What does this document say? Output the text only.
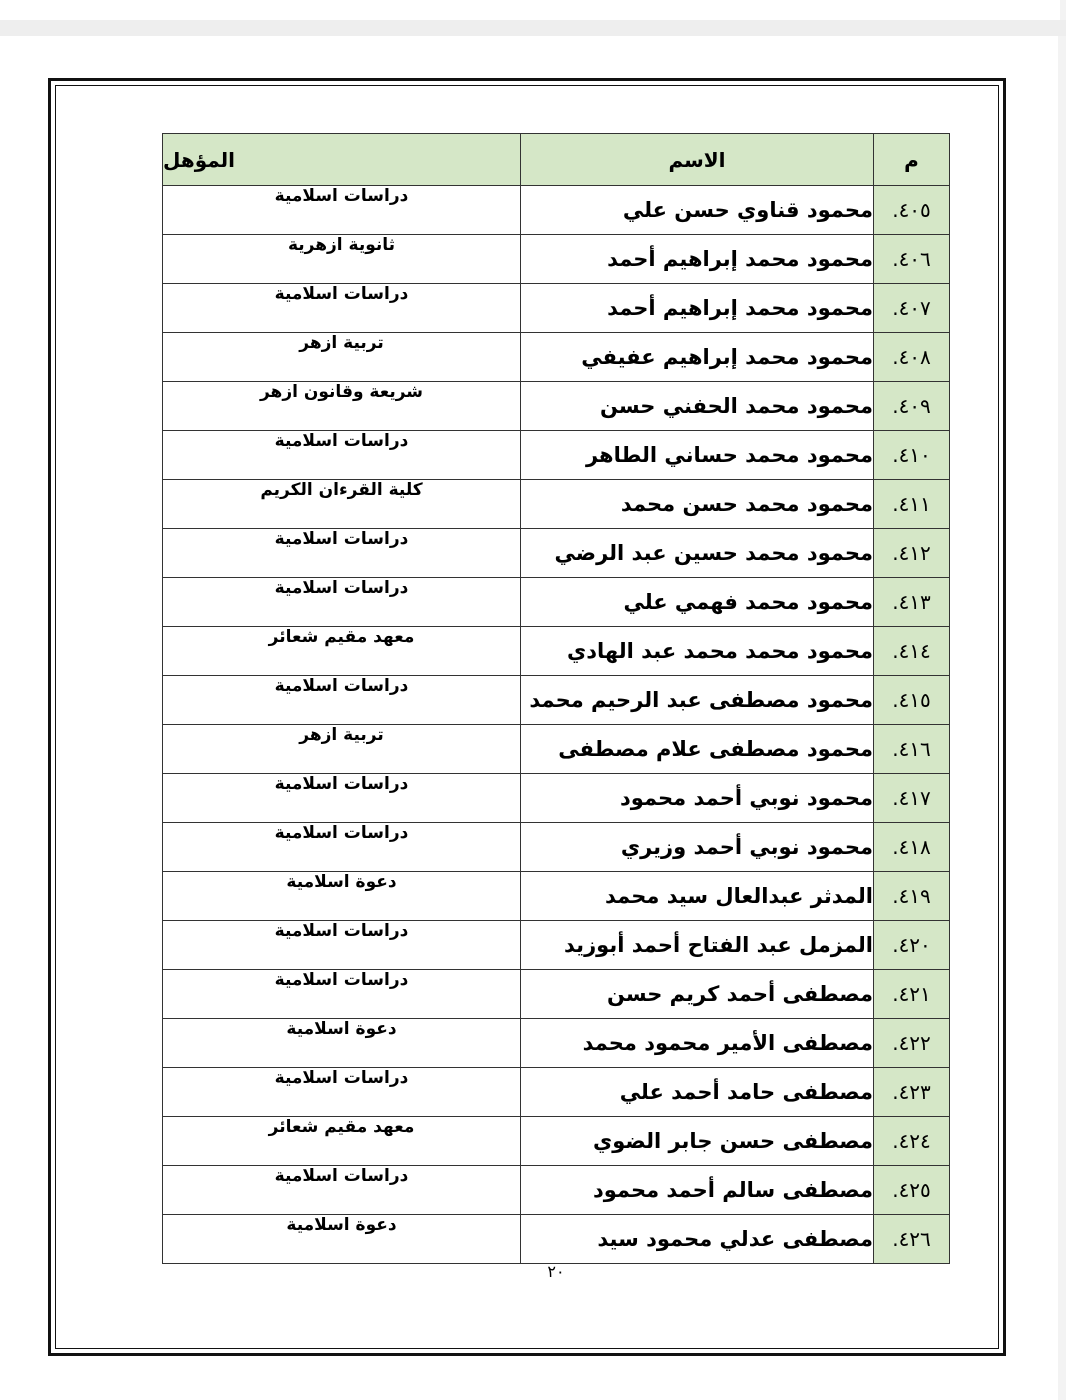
م	الاسم	المؤهل
٤٠٥.	محمود قناوي حسن علي	دراسات اسلامية
٤٠٦.	محمود محمد إبراهيم أحمد	ثانوية ازهرية
٤٠٧.	محمود محمد إبراهيم أحمد	دراسات اسلامية
٤٠٨.	محمود محمد إبراهيم عفيفي	تربية ازهر
٤٠٩.	محمود محمد الحفني حسن	شريعة وقانون ازهر
٤١٠.	محمود محمد حساني الطاهر	دراسات اسلامية
٤١١.	محمود محمد حسن محمد	كلية القرءان الكريم
٤١٢.	محمود محمد حسين عبد الرضي	دراسات اسلامية
٤١٣.	محمود محمد فهمي علي	دراسات اسلامية
٤١٤.	محمود محمد محمد عبد الهادي	معهد مقيم شعائر
٤١٥.	محمود مصطفى عبد الرحيم محمد	دراسات اسلامية
٤١٦.	محمود مصطفى علام مصطفى	تربية ازهر
٤١٧.	محمود نوبي أحمد محمود	دراسات اسلامية
٤١٨.	محمود نوبي أحمد وزيري	دراسات اسلامية
٤١٩.	المدثر عبدالعال سيد محمد	دعوة اسلامية
٤٢٠.	المزمل عبد الفتاح أحمد أبوزيد	دراسات اسلامية
٤٢١.	مصطفى أحمد كريم حسن	دراسات اسلامية
٤٢٢.	مصطفى الأمير محمود محمد	دعوة اسلامية
٤٢٣.	مصطفى حامد أحمد علي	دراسات اسلامية
٤٢٤.	مصطفى حسن جابر الضوي	معهد مقيم شعائر
٤٢٥.	مصطفى سالم أحمد محمود	دراسات اسلامية
٤٢٦.	مصطفى عدلي محمود سيد	دعوة اسلامية
٢٠
